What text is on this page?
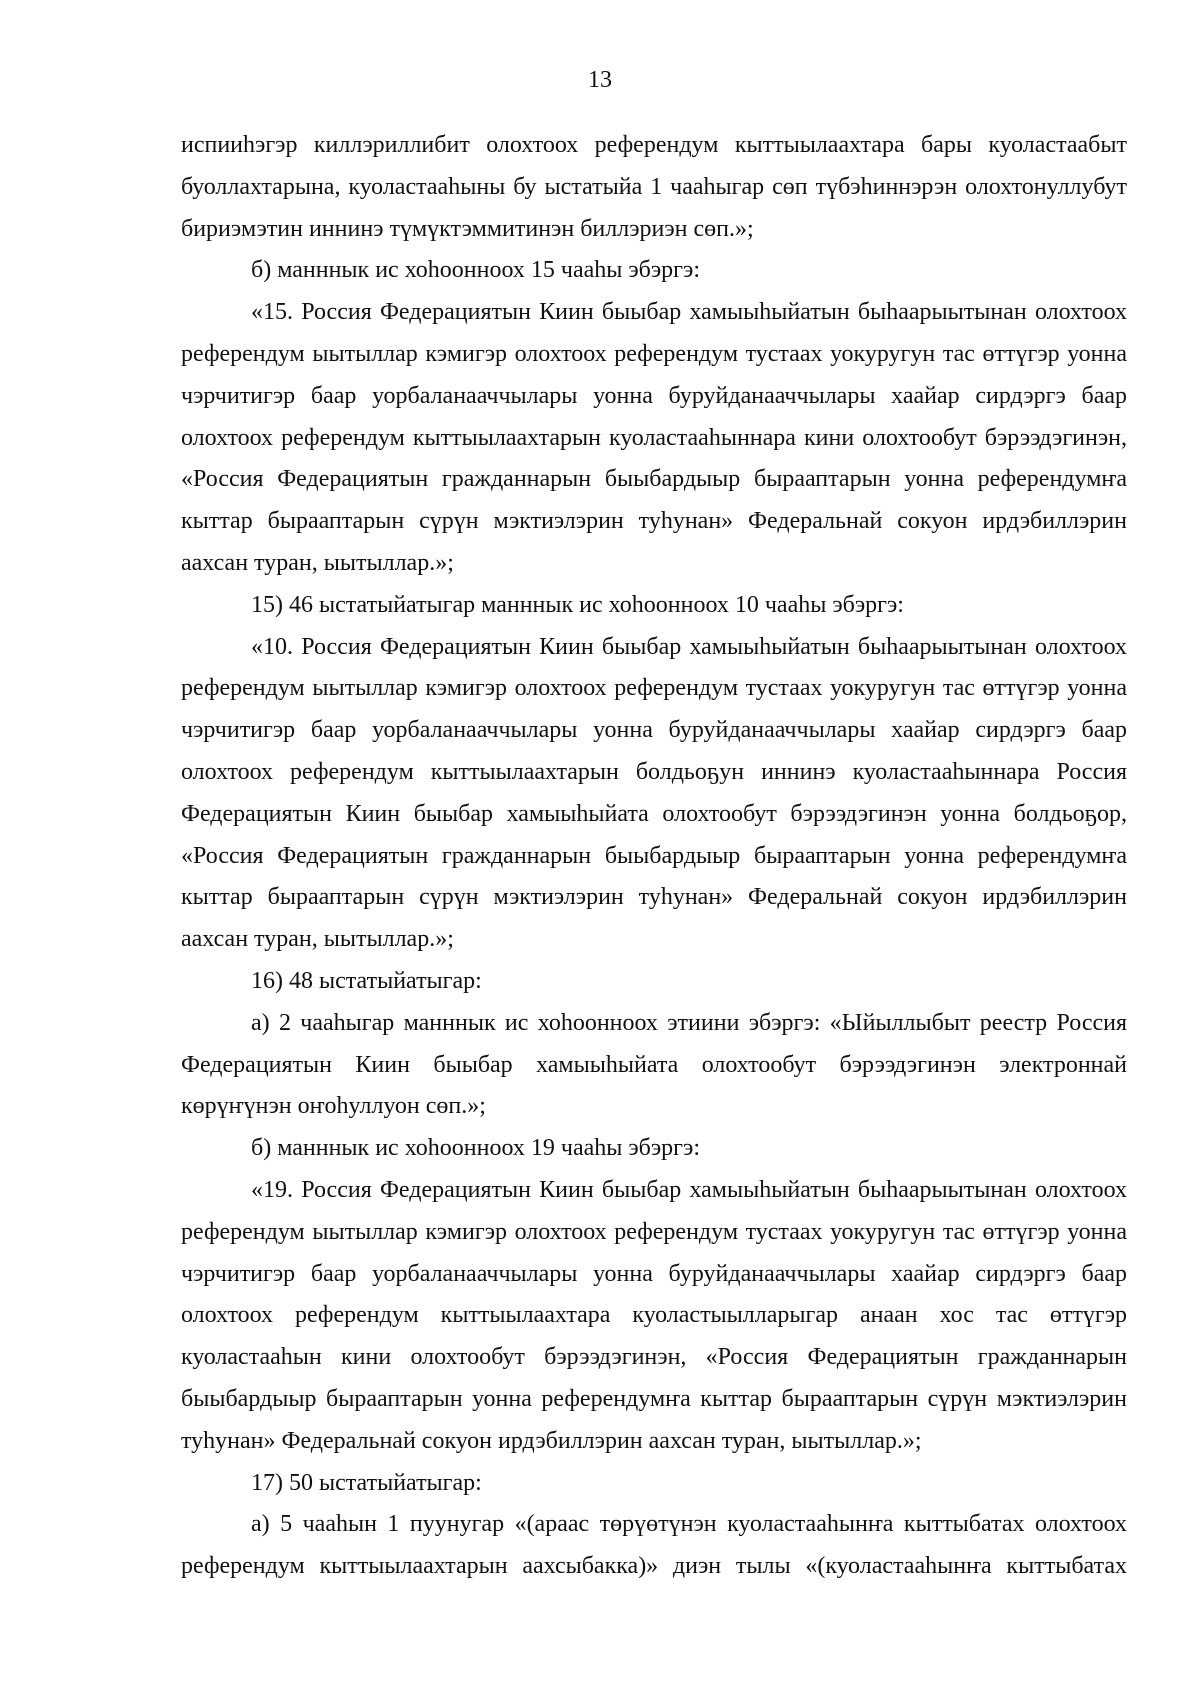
13

испииhэгэр киллэриллибит олохтоох референдум кыттыылаахтара бары куоластаабыт буоллахтарына, куоластааhыны бу ыстатыйа 1 чааhыгар сөп түбэhиннэрэн олохтонуллубут бириэмэтин иннинэ түмүктэммитинэн биллэриэн сөп.»;

б) манннык ис хоhоонноох 15 чааhы эбэргэ:

«15. Россия Федерациятын Киин быыбар хамыыhыйатын быhаарыытынан олохтоох референдум ыытыллар кэмигэр олохтоох референдум тустаах уокуругун тас өттүгэр уонна чэрчитигэр баар уорбаланааччылары уонна буруйданааччылары хаайар сирдэргэ баар олохтоох референдум кыттыылаахтарын куоластааhыннара кини олохтообут бэрээдэгинэн, «Россия Федерациятын гражданнарын быыбардыыр бырааптарын уонна референдумҥа кыттар бырааптарын сүрүн мэктиэлэрин туhунан» Федеральнай сокуон ирдэбиллэрин аахсан туран, ыытыллар.»;

15) 46 ыстатыйатыгар манннык ис хоhоонноох 10 чааhы эбэргэ:

«10. Россия Федерациятын Киин быыбар хамыыhыйатын быhаарыытынан олохтоох референдум ыытыллар кэмигэр олохтоох референдум тустаах уокуругун тас өттүгэр уонна чэрчитигэр баар уорбаланааччылары уонна буруйданааччылары хаайар сирдэргэ баар олохтоох референдум кыттыылаахтарын болдьоҕун иннинэ куоластааhыннара Россия Федерациятын Киин быыбар хамыыhыйата олохтообут бэрээдэгинэн уонна болдьоҕор, «Россия Федерациятын гражданнарын быыбардыыр бырааптарын уонна референдумҥа кыттар бырааптарын сүрүн мэктиэлэрин туhунан» Федеральнай сокуон ирдэбиллэрин аахсан туран, ыытыллар.»;

16) 48 ыстатыйатыгар:

а) 2 чааhыгар манннык ис хоhоонноох этиини эбэргэ: «Ыйыллыбыт реестр Россия Федерациятын Киин быыбар хамыыhыйата олохтообут бэрээдэгинэн электроннай көрүҥүнэн оҥоhуллуон сөп.»;

б) манннык ис хоhоонноох 19 чааhы эбэргэ:

«19. Россия Федерациятын Киин быыбар хамыыhыйатын быhаарыытынан олохтоох референдум ыытыллар кэмигэр олохтоох референдум тустаах уокуругун тас өттүгэр уонна чэрчитигэр баар уорбаланааччылары уонна буруйданааччылары хаайар сирдэргэ баар олохтоох референдум кыттыылаахтара куоластыылларыгар анаан хос тас өттүгэр куоластааhын кини олохтообут бэрээдэгинэн, «Россия Федерациятын гражданнарын быыбардыыр бырааптарын уонна референдумҥа кыттар бырааптарын сүрүн мэктиэлэрин туhунан» Федеральнай сокуон ирдэбиллэрин аахсан туран, ыытыллар.»;

17) 50 ыстатыйатыгар:

а) 5 чааhын 1 пуунугар «(араас төрүөтүнэн куоластааhынҥа кыттыбатах олохтоох референдум кыттыылаахтарын аахсыбакка)» диэн тылы «(куоластааhынҥа кыттыбатах
